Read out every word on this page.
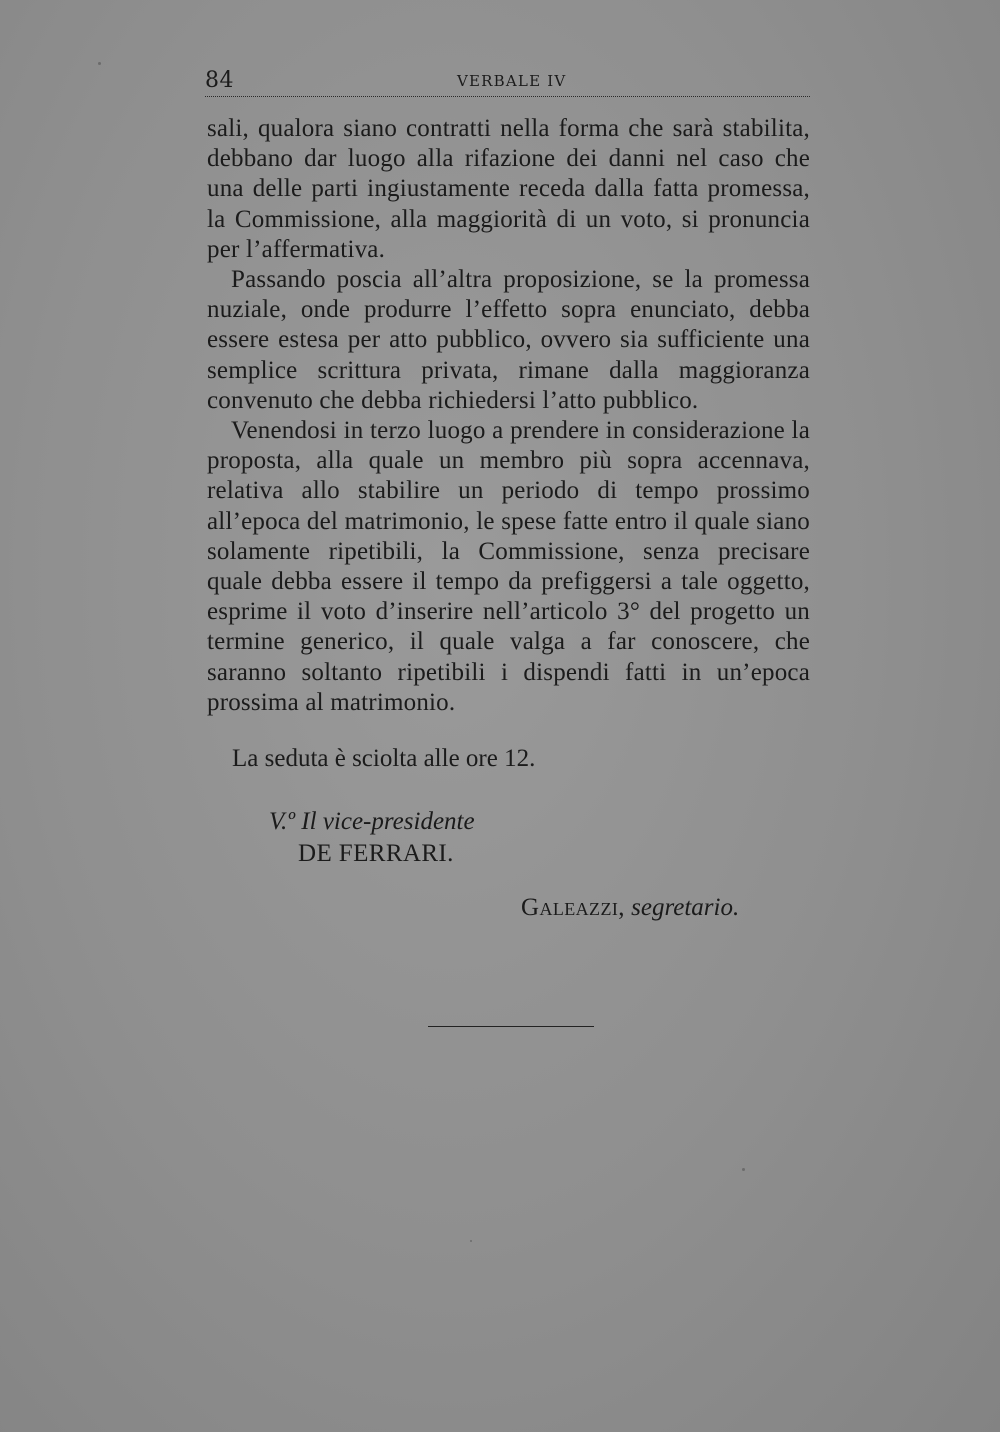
84	VERBALE IV

sali, qualora siano contratti nella forma che sarà stabilita, debbano dar luogo alla rifazione dei danni nel caso che una delle parti ingiustamente receda dalla fatta promessa, la Commissione, alla maggiorità di un voto, si pronuncia per l’affermativa.

Passando poscia all’altra proposizione, se la promessa nuziale, onde produrre l’effetto sopra enunciato, debba essere estesa per atto pubblico, ovvero sia sufficiente una semplice scrittura privata, rimane dalla maggioranza convenuto che debba richiedersi l’atto pubblico.

Venendosi in terzo luogo a prendere in considerazione la proposta, alla quale un membro più sopra accennava, relativa allo stabilire un periodo di tempo prossimo all’epoca del matrimonio, le spese fatte entro il quale siano solamente ripetibili, la Commissione, senza precisare quale debba essere il tempo da prefiggersi a tale oggetto, esprime il voto d’inserire nell’articolo 3° del progetto un termine generico, il quale valga a far conoscere, che saranno soltanto ripetibili i dispendi fatti in un’epoca prossima al matrimonio.

La seduta è sciolta alle ore 12.
V.º Il vice-presidente
DE FERRARI.
Galeazzi, segretario.
